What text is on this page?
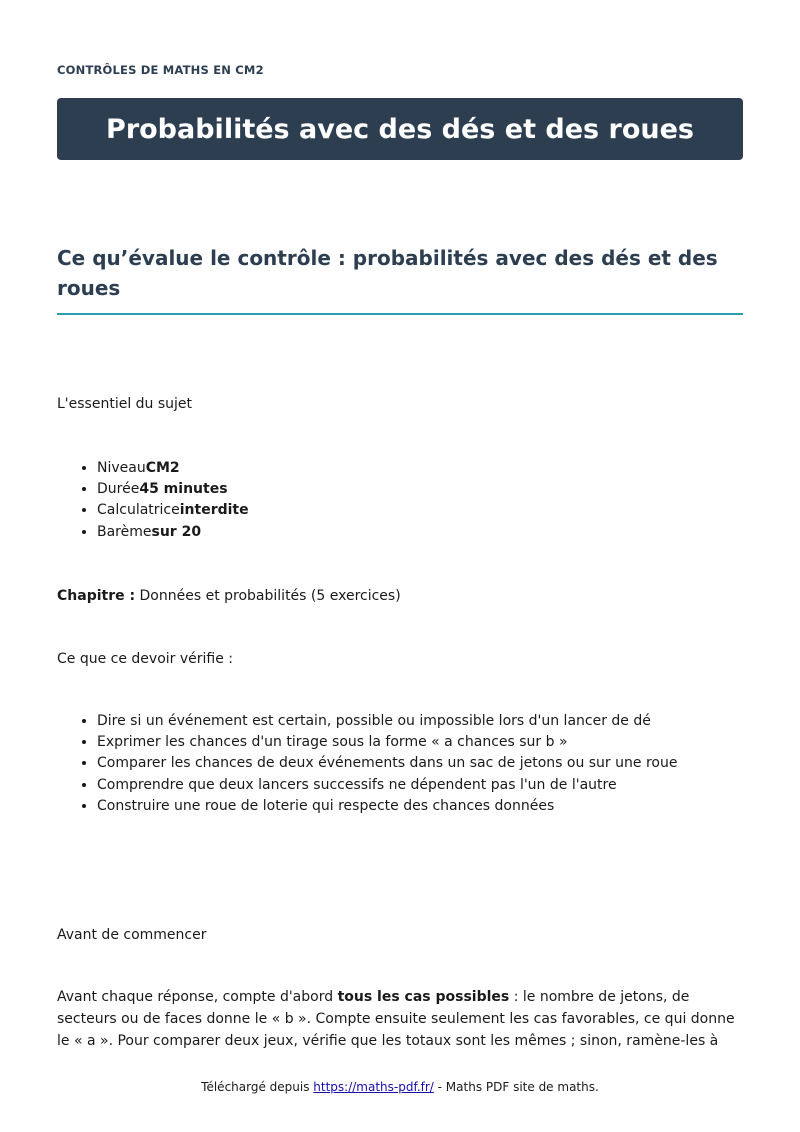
CONTRÔLES DE MATHS EN CM2
Probabilités avec des dés et des roues
Ce qu’évalue le contrôle : probabilités avec des dés et des roues
L'essentiel du sujet
• NiveauCM2
• Durée45 minutes
• Calculatriceinterdite
• Barèmesur 20
Chapitre : Données et probabilités (5 exercices)
Ce que ce devoir vérifie :
• Dire si un événement est certain, possible ou impossible lors d'un lancer de dé
• Exprimer les chances d'un tirage sous la forme « a chances sur b »
• Comparer les chances de deux événements dans un sac de jetons ou sur une roue
• Comprendre que deux lancers successifs ne dépendent pas l'un de l'autre
• Construire une roue de loterie qui respecte des chances données
Avant de commencer
Avant chaque réponse, compte d'abord tous les cas possibles : le nombre de jetons, de secteurs ou de faces donne le « b ». Compte ensuite seulement les cas favorables, ce qui donne le « a ». Pour comparer deux jeux, vérifie que les totaux sont les mêmes ; sinon, ramène-les à
Téléchargé depuis https://maths-pdf.fr/ - Maths PDF site de maths.
